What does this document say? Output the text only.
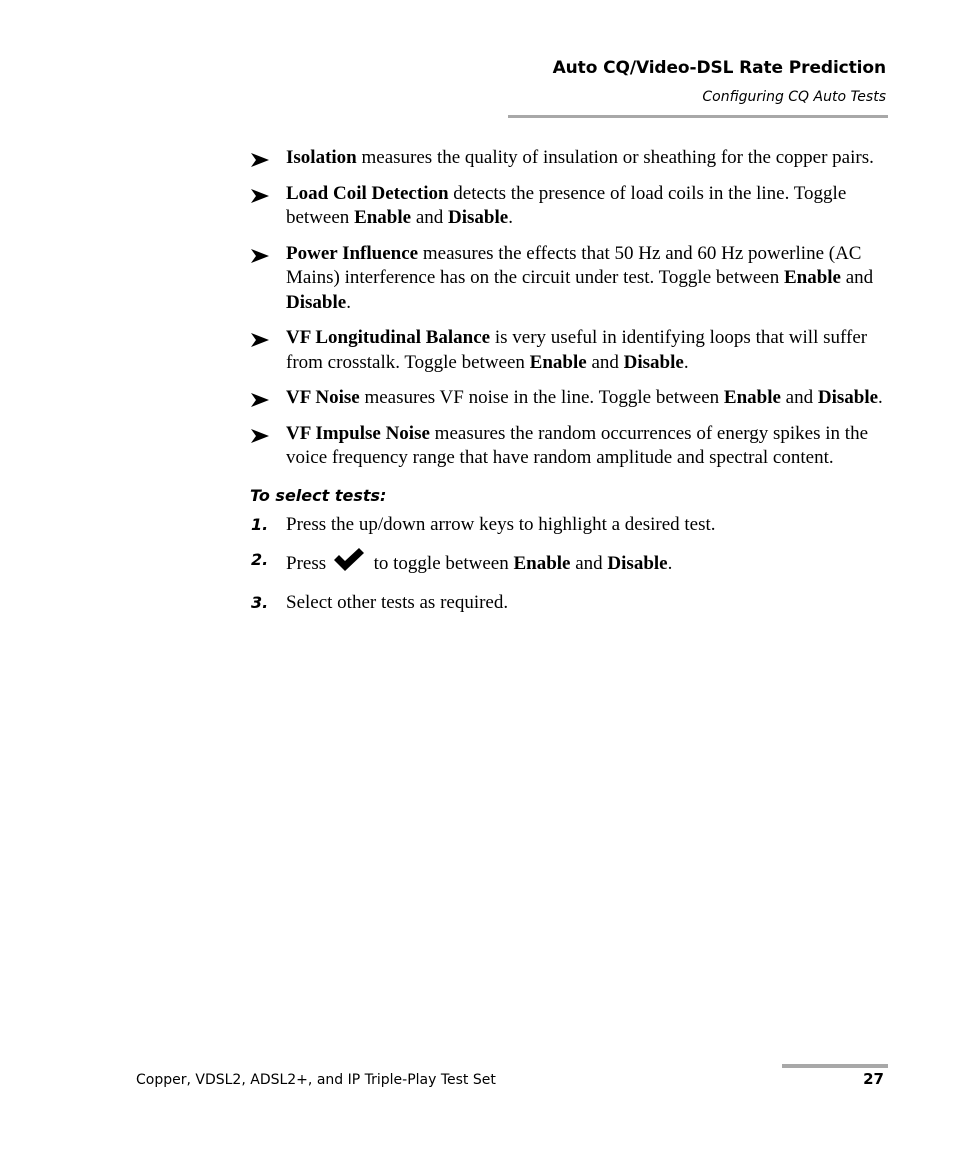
Auto CQ/Video-DSL Rate Prediction
Configuring CQ Auto Tests
Isolation measures the quality of insulation or sheathing for the copper pairs.
Load Coil Detection detects the presence of load coils in the line. Toggle between Enable and Disable.
Power Influence measures the effects that 50 Hz and 60 Hz powerline (AC Mains) interference has on the circuit under test. Toggle between Enable and Disable.
VF Longitudinal Balance is very useful in identifying loops that will suffer from crosstalk. Toggle between Enable and Disable.
VF Noise measures VF noise in the line. Toggle between Enable and Disable.
VF Impulse Noise measures the random occurrences of energy spikes in the voice frequency range that have random amplitude and spectral content.
To select tests:
1. Press the up/down arrow keys to highlight a desired test.
2. Press  to toggle between Enable and Disable.
3. Select other tests as required.
Copper, VDSL2, ADSL2+, and IP Triple-Play Test Set	27
